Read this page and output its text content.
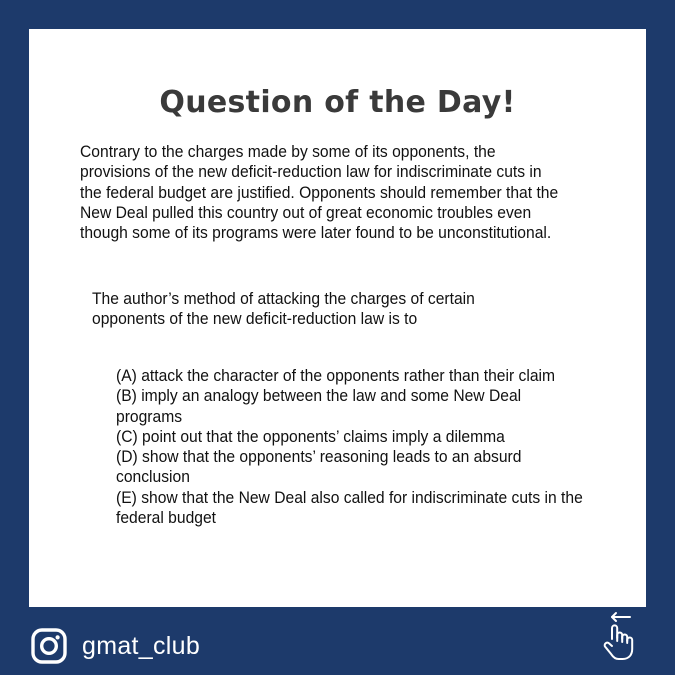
Question of the Day!

Contrary to the charges made by some of its opponents, the provisions of the new deficit-reduction law for indiscriminate cuts in the federal budget are justified. Opponents should remember that the New Deal pulled this country out of great economic troubles even though some of its programs were later found to be unconstitutional.

The author’s method of attacking the charges of certain opponents of the new deficit-reduction law is to

(A) attack the character of the opponents rather than their claim
(B) imply an analogy between the law and some New Deal programs
(C) point out that the opponents’ claims imply a dilemma
(D) show that the opponents’ reasoning leads to an absurd conclusion
(E) show that the New Deal also called for indiscriminate cuts in the federal budget
gmat_club
